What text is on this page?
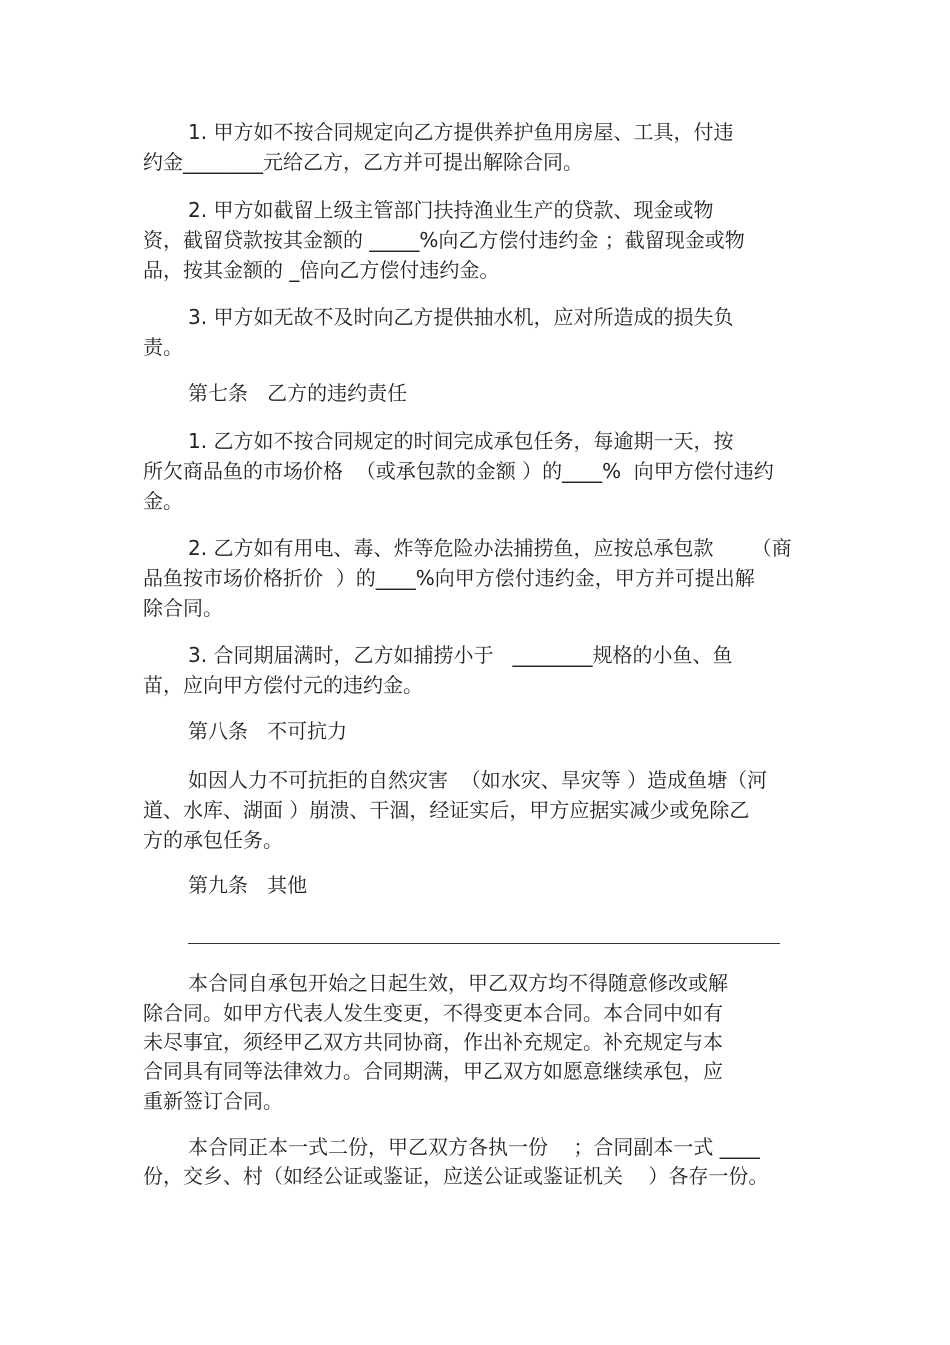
1. 甲方如不按合同规定向乙方提供养护鱼用房屋、工具，付违
约金________元给乙方，乙方并可提出解除合同。
2. 甲方如截留上级主管部门扶持渔业生产的贷款、现金或物
资，截留贷款按其金额的 _____%向乙方偿付违约金 ；截留现金或物
品，按其金额的 _倍向乙方偿付违约金。
3. 甲方如无故不及时向乙方提供抽水机，应对所造成的损失负
责。
第七条   乙方的违约责任
1. 乙方如不按合同规定的时间完成承包任务，每逾期一天，按
所欠商品鱼的市场价格  （或承包款的金额 ）的____%  向甲方偿付违约
金。
2. 乙方如有用电、毒、炸等危险办法捕捞鱼，应按总承包款      （商
品鱼按市场价格折价  ）的____%向甲方偿付违约金，甲方并可提出解
除合同。
3. 合同期届满时，乙方如捕捞小于   ________规格的小鱼、鱼
苗，应向甲方偿付元的违约金。
第八条   不可抗力
如因人力不可抗拒的自然灾害  （如水灾、旱灾等 ）造成鱼塘（河
道、水库、湖面 ）崩溃、干涸，经证实后，甲方应据实减少或免除乙
方的承包任务。
第九条   其他
本合同自承包开始之日起生效，甲乙双方均不得随意修改或解
除合同。如甲方代表人发生变更，不得变更本合同。本合同中如有
未尽事宜，须经甲乙双方共同协商，作出补充规定。补充规定与本
合同具有同等法律效力。合同期满，甲乙双方如愿意继续承包，应
重新签订合同。
本合同正本一式二份，甲乙双方各执一份    ；合同副本一式 ____
份，交乡、村（如经公证或鉴证，应送公证或鉴证机关    ）各存一份。
